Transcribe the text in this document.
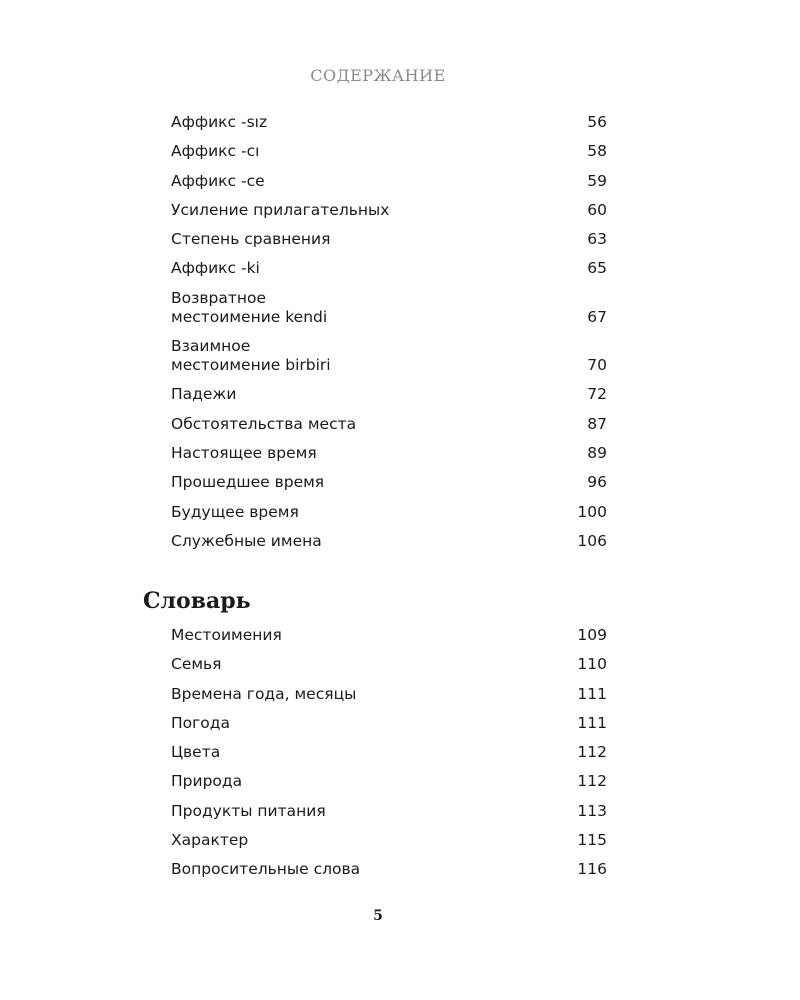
СОДЕРЖАНИЕ
Аффикс -sız	56
Аффикс -cı	58
Аффикс -ce	59
Усиление прилагательных	60
Степень сравнения	63
Аффикс -ki	65
Возвратное
местоимение kendi	67
Взаимное
местоимение birbiri	70
Падежи	72
Обстоятельства места	87
Настоящее время	89
Прошедшее время	96
Будущее время	100
Служебные имена	106
Словарь
Местоимения	109
Семья	110
Времена года, месяцы	111
Погода	111
Цвета	112
Природа	112
Продукты питания	113
Характер	115
Вопросительные слова	116
5
